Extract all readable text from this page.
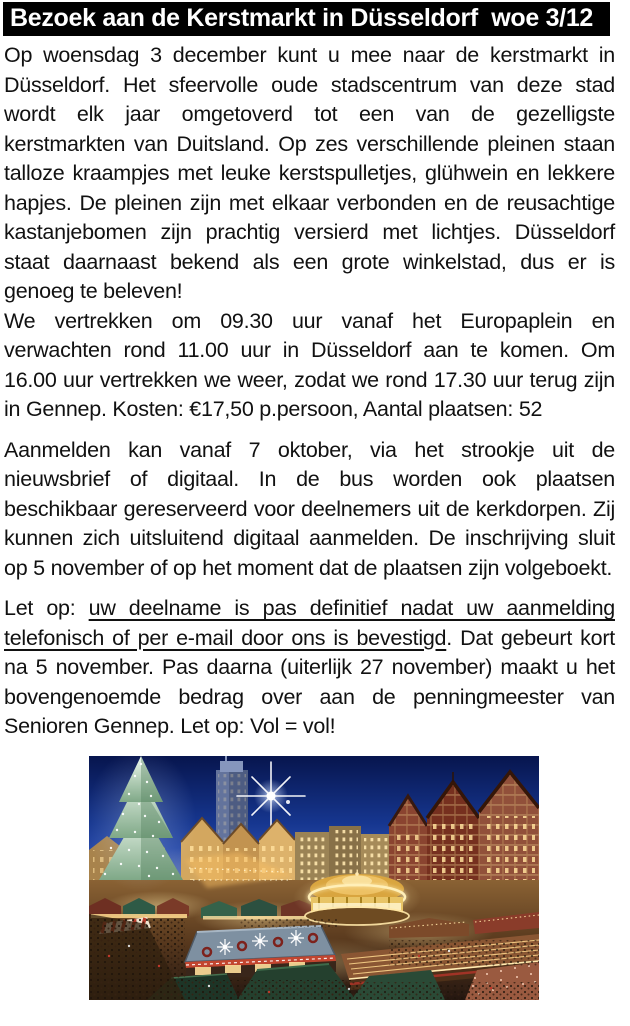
Bezoek aan de Kerstmarkt in Düsseldorf  woe 3/12

Op woensdag 3 december kunt u mee naar de kerstmarkt in Düsseldorf. Het sfeervolle oude stadscentrum van deze stad wordt elk jaar omgetoverd tot een van de gezelligste kerstmarkten van Duitsland. Op zes verschillende pleinen staan talloze kraampjes met leuke kerstspulletjes, glühwein en lekkere hapjes. De pleinen zijn met elkaar verbonden en de reusachtige kastanjebomen zijn prachtig versierd met lichtjes. Düsseldorf staat daarnaast bekend als een grote winkelstad, dus er is genoeg te beleven!

We vertrekken om 09.30 uur vanaf het Europaplein en verwachten rond 11.00 uur in Düsseldorf aan te komen. Om 16.00 uur vertrekken we weer, zodat we rond 17.30 uur terug zijn in Gennep. Kosten: €17,50 p.persoon, Aantal plaatsen: 52

Aanmelden kan vanaf 7 oktober, via het strookje uit de nieuwsbrief of digitaal. In de bus worden ook plaatsen beschikbaar gereserveerd voor deelnemers uit de kerkdorpen. Zij kunnen zich uitsluitend digitaal aanmelden. De inschrijving sluit op 5 november of op het moment dat de plaatsen zijn volgeboekt.

Let op: uw deelname is pas definitief nadat uw aanmelding telefonisch of per e-mail door ons is bevestigd. Dat gebeurt kort na 5 november. Pas daarna (uiterlijk 27 november) maakt u het bovengenoemde bedrag over aan de penningmeester van Senioren Gennep. Let op: Vol = vol!
